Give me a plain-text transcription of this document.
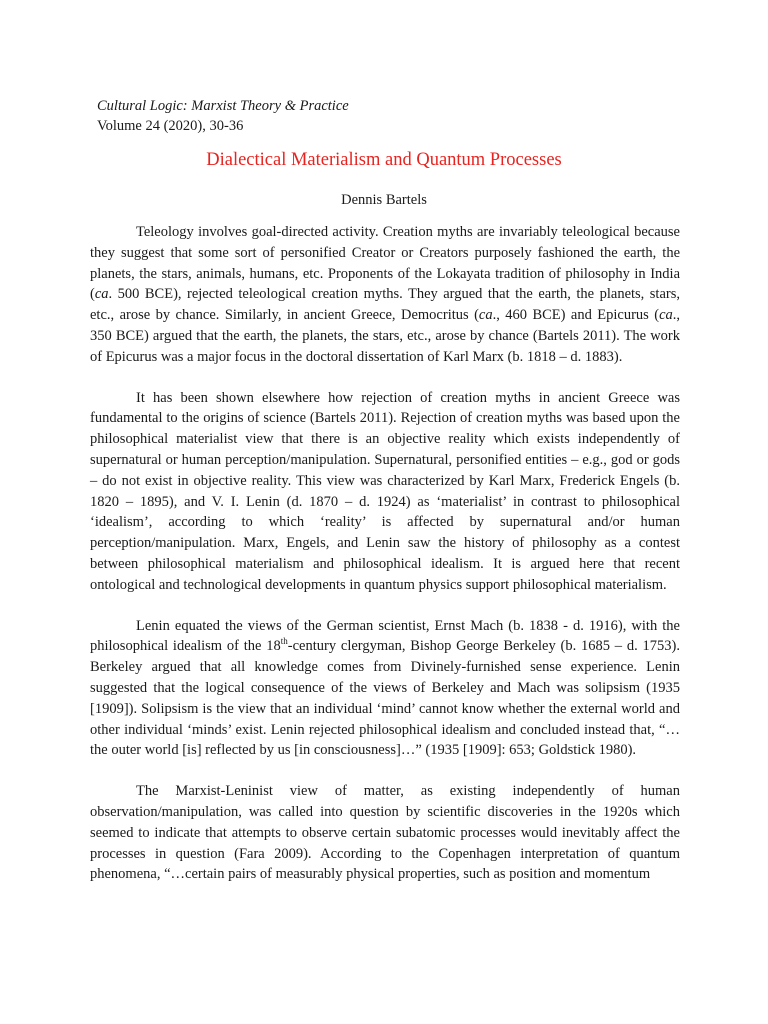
Cultural Logic: Marxist Theory & Practice
Volume 24 (2020), 30-36
Dialectical Materialism and Quantum Processes
Dennis Bartels

Teleology involves goal-directed activity. Creation myths are invariably teleological because they suggest that some sort of personified Creator or Creators purposely fashioned the earth, the planets, the stars, animals, humans, etc. Proponents of the Lokayata tradition of philosophy in India (ca. 500 BCE), rejected teleological creation myths. They argued that the earth, the planets, stars, etc., arose by chance. Similarly, in ancient Greece, Democritus (ca., 460 BCE) and Epicurus (ca., 350 BCE) argued that the earth, the planets, the stars, etc., arose by chance (Bartels 2011). The work of Epicurus was a major focus in the doctoral dissertation of Karl Marx (b. 1818 – d. 1883).

It has been shown elsewhere how rejection of creation myths in ancient Greece was fundamental to the origins of science (Bartels 2011). Rejection of creation myths was based upon the philosophical materialist view that there is an objective reality which exists independently of supernatural or human perception/manipulation. Supernatural, personified entities – e.g., god or gods – do not exist in objective reality. This view was characterized by Karl Marx, Frederick Engels (b. 1820 – 1895), and V. I. Lenin (d. 1870 – d. 1924) as ‘materialist’ in contrast to philosophical ‘idealism’, according to which ‘reality’ is affected by supernatural and/or human perception/manipulation. Marx, Engels, and Lenin saw the history of philosophy as a contest between philosophical materialism and philosophical idealism. It is argued here that recent ontological and technological developments in quantum physics support philosophical materialism.

Lenin equated the views of the German scientist, Ernst Mach (b. 1838 - d. 1916), with the philosophical idealism of the 18th-century clergyman, Bishop George Berkeley (b. 1685 – d. 1753). Berkeley argued that all knowledge comes from Divinely-furnished sense experience. Lenin suggested that the logical consequence of the views of Berkeley and Mach was solipsism (1935 [1909]). Solipsism is the view that an individual ‘mind’ cannot know whether the external world and other individual ‘minds’ exist. Lenin rejected philosophical idealism and concluded instead that, “…the outer world [is] reflected by us [in consciousness]…” (1935 [1909]: 653; Goldstick 1980).

The Marxist-Leninist view of matter, as existing independently of human observation/manipulation, was called into question by scientific discoveries in the 1920s which seemed to indicate that attempts to observe certain subatomic processes would inevitably affect the processes in question (Fara 2009). According to the Copenhagen interpretation of quantum phenomena, “…certain pairs of measurably physical properties, such as position and momentum
